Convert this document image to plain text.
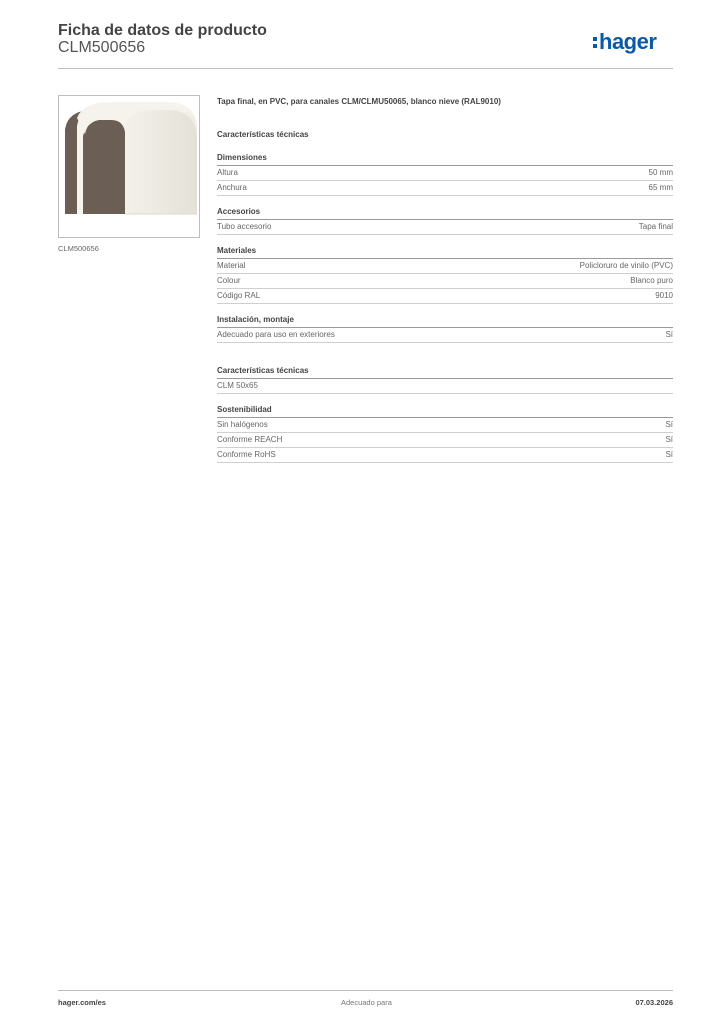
Ficha de datos de producto
CLM500656	hager
CLM500656
Tapa final, en PVC, para canales CLM/CLMU50065, blanco nieve (RAL9010)
Características técnicas
Dimensiones
Altura	50 mm
Anchura	65 mm
Accesorios
Tubo accesorio	Tapa final
Materiales
Material	Policloruro de vinilo (PVC)
Colour	Blanco puro
Código RAL	9010
Instalación, montaje
Adecuado para uso en exteriores	Sí
Características técnicas
CLM 50x65
Sostenibilidad
Sin halógenos	Sí
Conforme REACH	Sí
Conforme RoHS	Sí
hager.com/es	Adecuado para	07.03.2026
